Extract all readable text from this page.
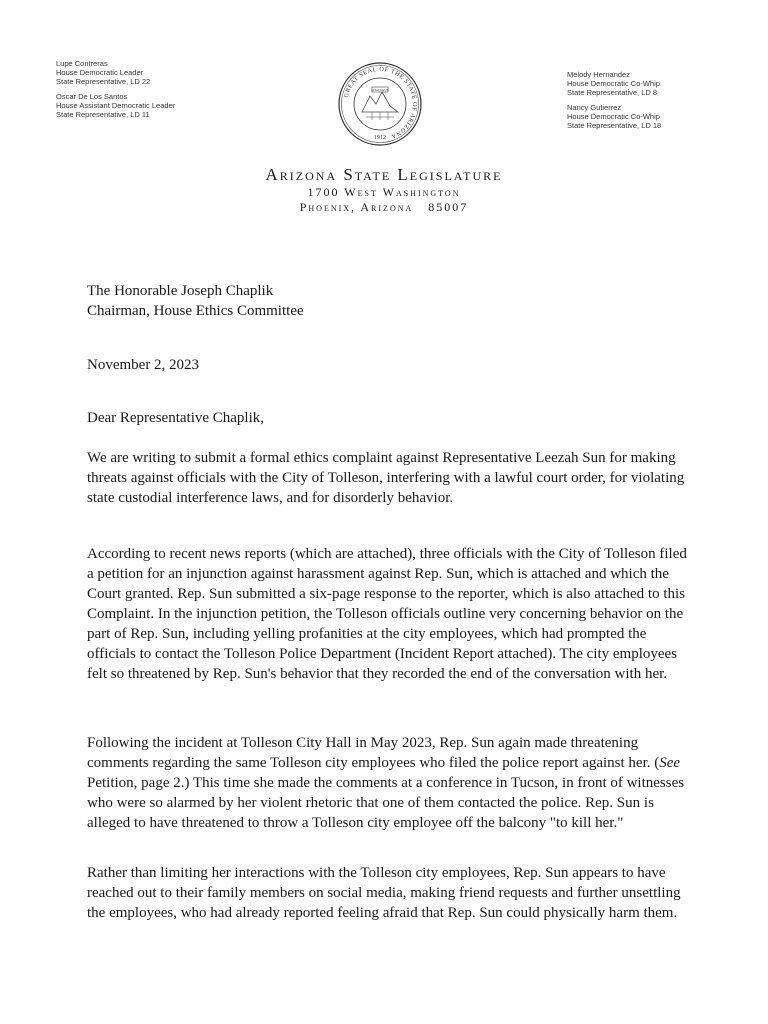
Lupe Contreras
House Democratic Leader
State Representative, LD 22
Oscar De Los Santos
House Assistant Democratic Leader
State Representative, LD 11
GREAT SEAL OF THE STATE OF ARIZONA
DITAT DEUS
1912
Melody Hernandez
House Democratic Co-Whip
State Representative, LD 8
Nancy Gutierrez
House Democratic Co-Whip
State Representative, LD 18
Arizona State Legislature
1700 West Washington
Phoenix, Arizona   85007
The Honorable Joseph Chaplik
Chairman, House Ethics Committee
November 2, 2023
Dear Representative Chaplik,

We are writing to submit a formal ethics complaint against Representative Leezah Sun for making threats against officials with the City of Tolleson, interfering with a lawful court order, for violating state custodial interference laws, and for disorderly behavior.

According to recent news reports (which are attached), three officials with the City of Tolleson filed a petition for an injunction against harassment against Rep. Sun, which is attached and which the Court granted. Rep. Sun submitted a six-page response to the reporter, which is also attached to this Complaint. In the injunction petition, the Tolleson officials outline very concerning behavior on the part of Rep. Sun, including yelling profanities at the city employees, which had prompted the officials to contact the Tolleson Police Department (Incident Report attached). The city employees felt so threatened by Rep. Sun's behavior that they recorded the end of the conversation with her.

Following the incident at Tolleson City Hall in May 2023, Rep. Sun again made threatening comments regarding the same Tolleson city employees who filed the police report against her. (See Petition, page 2.) This time she made the comments at a conference in Tucson, in front of witnesses who were so alarmed by her violent rhetoric that one of them contacted the police. Rep. Sun is alleged to have threatened to throw a Tolleson city employee off the balcony "to kill her."

Rather than limiting her interactions with the Tolleson city employees, Rep. Sun appears to have reached out to their family members on social media, making friend requests and further unsettling the employees, who had already reported feeling afraid that Rep. Sun could physically harm them.
